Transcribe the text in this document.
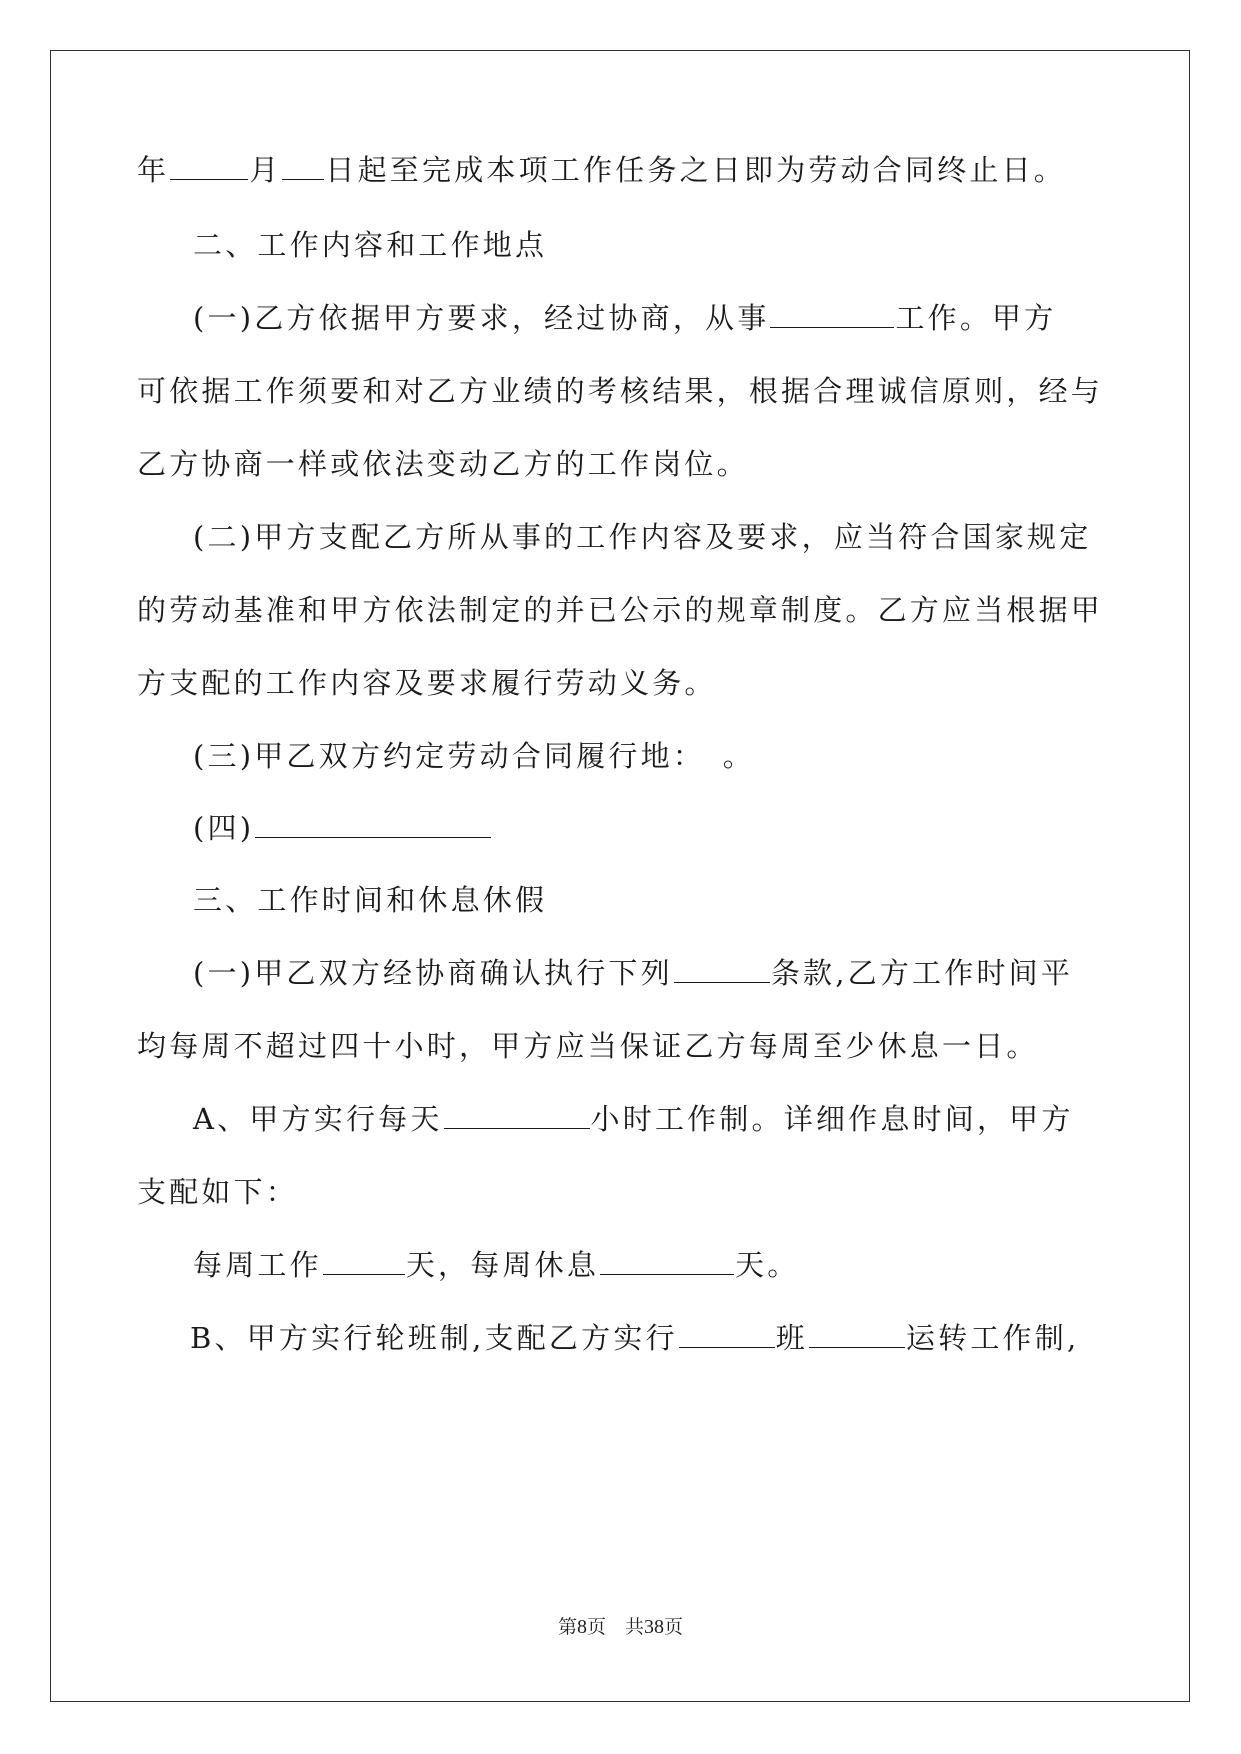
年	月 日起至完成本项工作任务之日即为劳动合同终止日。
二、工作内容和工作地点
(一)乙方依据甲方要求，经过协商，从事	工作。甲方
可依据工作须要和对乙方业绩的考核结果，根据合理诚信原则，经与
乙方协商一样或依法变动乙方的工作岗位。
(二)甲方支配乙方所从事的工作内容及要求，应当符合国家规定
的劳动基准和甲方依法制定的并已公示的规章制度。乙方应当根据甲
方支配的工作内容及要求履行劳动义务。
(三)甲乙双方约定劳动合同履行地：　。
(四)
三、工作时间和休息休假
(一)甲乙双方经协商确认执行下列	条款,乙方工作时间平
均每周不超过四十小时，甲方应当保证乙方每周至少休息一日。
A、甲方实行每天	小时工作制。详细作息时间，甲方
支配如下：
每周工作	天，每周休息	天。
B、甲方实行轮班制,支配乙方实行	班	运转工作制,
第8页　共38页
